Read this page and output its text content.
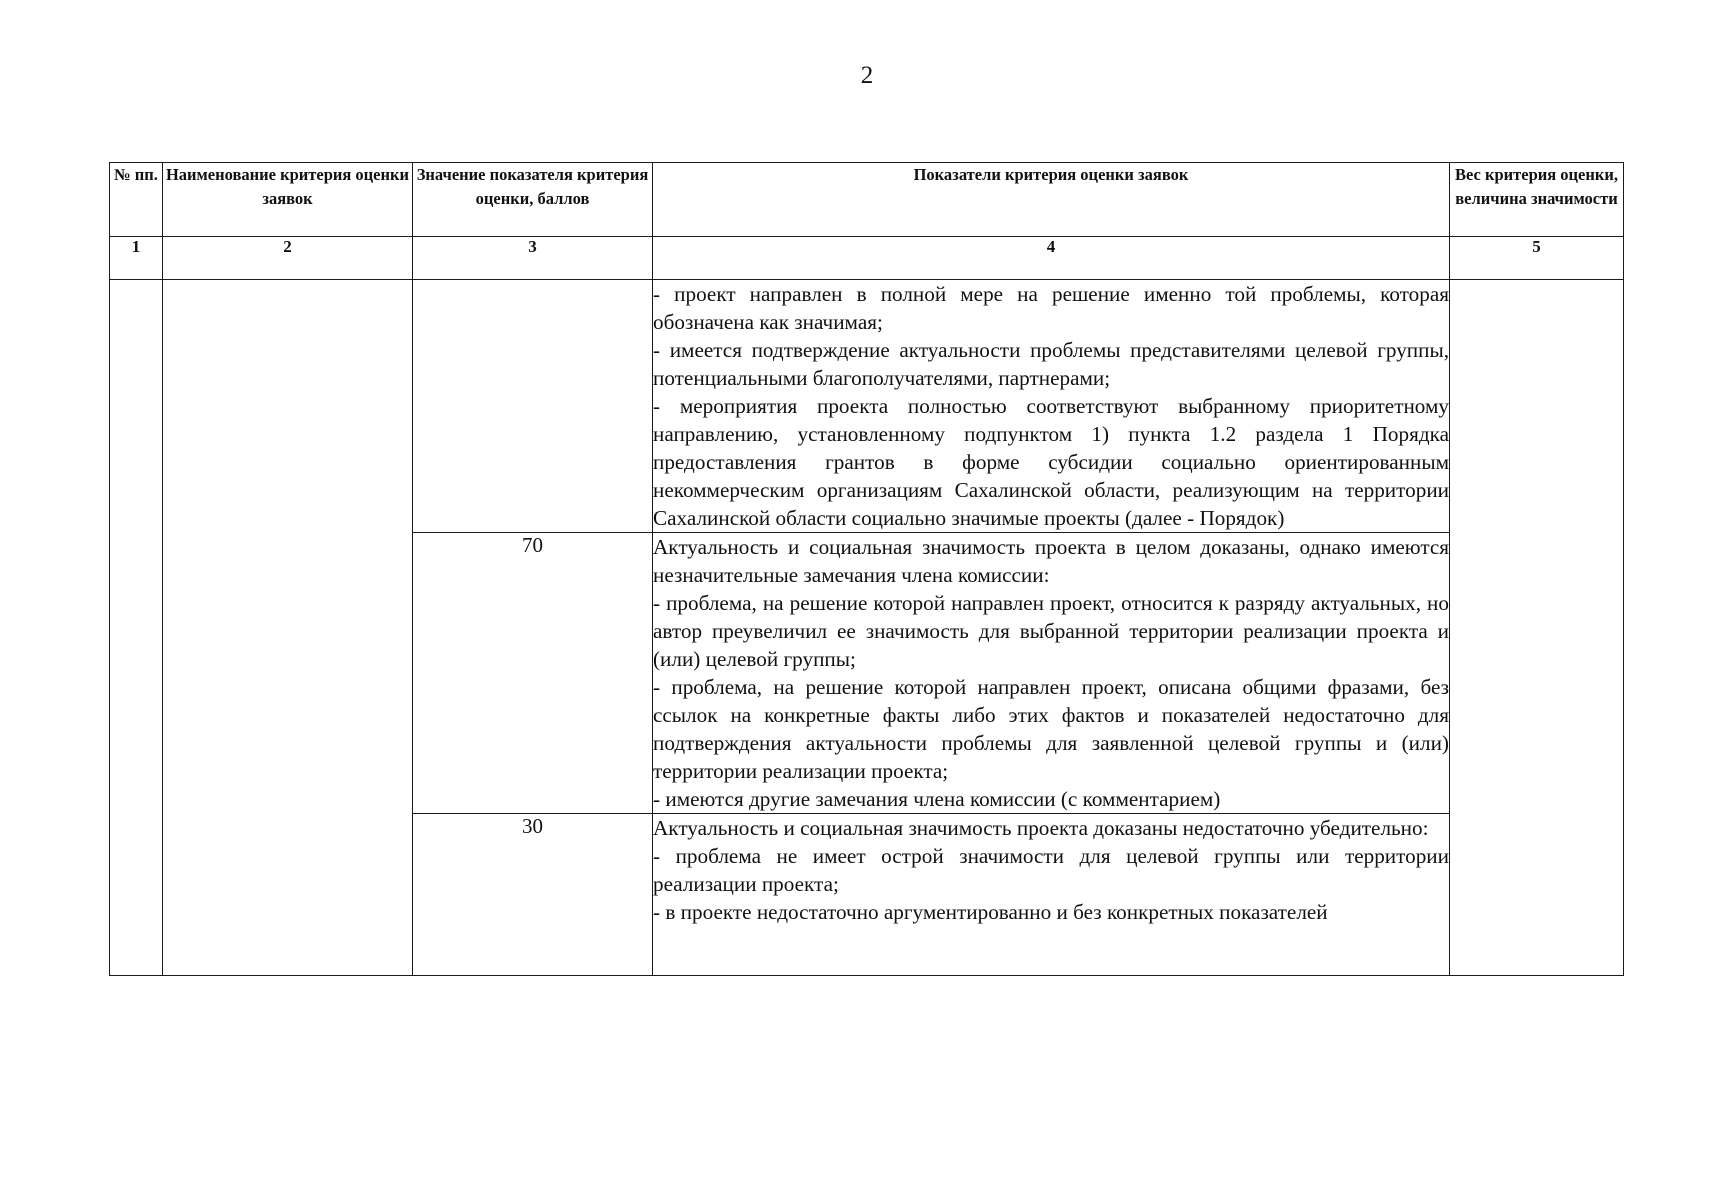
2
№ пп.	Наименование критерия оценки заявок	Значение показателя критерия оценки, баллов	Показатели критерия оценки заявок	Вес критерия оценки, величина значимости
1	2	3	4	5

			- проект направлен в полной мере на решение именно той проблемы, которая обозначена как значимая;
- имеется подтверждение актуальности проблемы представителями целевой группы, потенциальными благополучателями, партнерами;
- мероприятия проекта полностью соответствуют выбранному приоритетному направлению, установленному подпунктом 1) пункта 1.2 раздела 1 Порядка предоставления грантов в форме субсидии социально ориентированным некоммерческим организациям Сахалинской области, реализующим на территории Сахалинской области социально значимые проекты (далее - Порядок)	

		70	Актуальность и социальная значимость проекта в целом доказаны, однако имеются незначительные замечания члена комиссии:
- проблема, на решение которой направлен проект, относится к разряду актуальных, но автор преувеличил ее значимость для выбранной территории реализации проекта и (или) целевой группы;
- проблема, на решение которой направлен проект, описана общими фразами, без ссылок на конкретные факты либо этих фактов и показателей недостаточно для подтверждения актуальности проблемы для заявленной целевой группы и (или) территории реализации проекта;
- имеются другие замечания члена комиссии (с комментарием)	

		30	Актуальность и социальная значимость проекта доказаны недостаточно убедительно:
- проблема не имеет острой значимости для целевой группы или территории реализации проекта;
- в проекте недостаточно аргументированно и без конкретных показателей	
